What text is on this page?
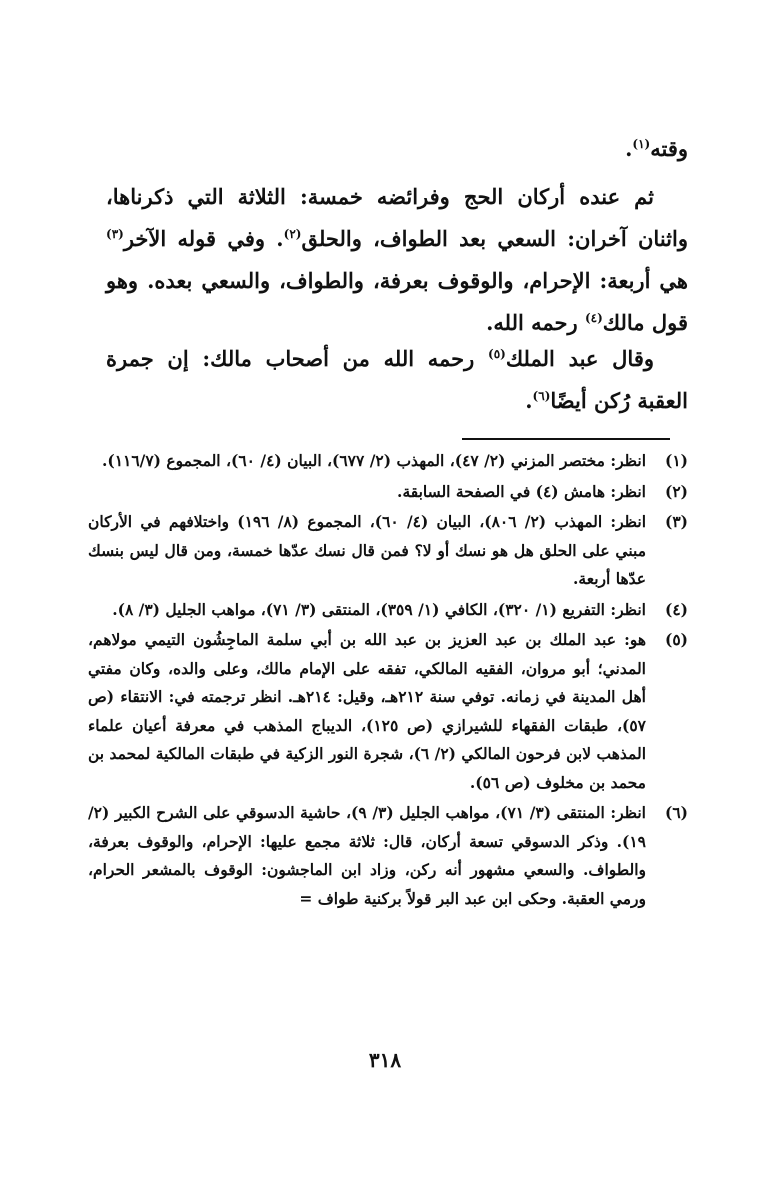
وقته$^{(١)}$.

ثم عنده أركان الحج وفرائضه خمسة: الثلاثة التي ذكرناها، واثنان آخران: السعي بعد الطواف، والحلق$^{(٢)}$. وفي قوله الآخر$^{(٣)}$ هي أربعة: الإحرام، والوقوف بعرفة، والطواف، والسعي بعده. وهو قول مالك$^{(٤)}$ رحمه الله.

وقال عبد الملك$^{(٥)}$ رحمه الله من أصحاب مالك: إن جمرة العقبة رُكن أيضًا$^{(٦)}$.

(١)
انظر: مختصر المزني (٢/ ٤٧)، المهذب (٢/ ٦٧٧)، البيان (٤/ ٦٠)، المجموع (١١٦/٧).
(٢)
انظر: هامش (٤) في الصفحة السابقة.
(٣)
انظر: المهذب (٢/ ٨٠٦)، البيان (٤/ ٦٠)، المجموع (٨/ ١٩٦) واختلافهم في الأركان مبني على الحلق هل هو نسك أو لا؟ فمن قال نسك عدّها خمسة، ومن قال ليس بنسك عدّها أربعة.
(٤)
انظر: التفريع (١/ ٣٢٠)، الكافي (١/ ٣٥٩)، المنتقى (٣/ ٧١)، مواهب الجليل (٣/ ٨).
(٥)
هو: عبد الملك بن عبد العزيز بن عبد الله بن أبي سلمة الماجِشُون التيمي مولاهم، المدني؛ أبو مروان، الفقيه المالكي، تفقه على الإمام مالك، وعلى والده، وكان مفتي أهل المدينة في زمانه. توفي سنة ٢١٢هـ، وقيل: ٢١٤هـ. انظر ترجمته في: الانتقاء (ص ٥٧)، طبقات الفقهاء للشيرازي (ص ١٢٥)، الديباج المذهب في معرفة أعيان علماء المذهب لابن فرحون المالكي (٢/ ٦)، شجرة النور الزكية في طبقات المالكية لمحمد بن محمد بن مخلوف (ص ٥٦).
(٦)
انظر: المنتقى (٣/ ٧١)، مواهب الجليل (٣/ ٩)، حاشية الدسوقي على الشرح الكبير (٢/ ١٩). وذكر الدسوقي تسعة أركان، قال: ثلاثة مجمع عليها: الإحرام، والوقوف بعرفة، والطواف. والسعي مشهور أنه ركن، وزاد ابن الماجشون: الوقوف بالمشعر الحرام، ورمي العقبة. وحكى ابن عبد البر قولاً بركنية طواف =
٣١٨
